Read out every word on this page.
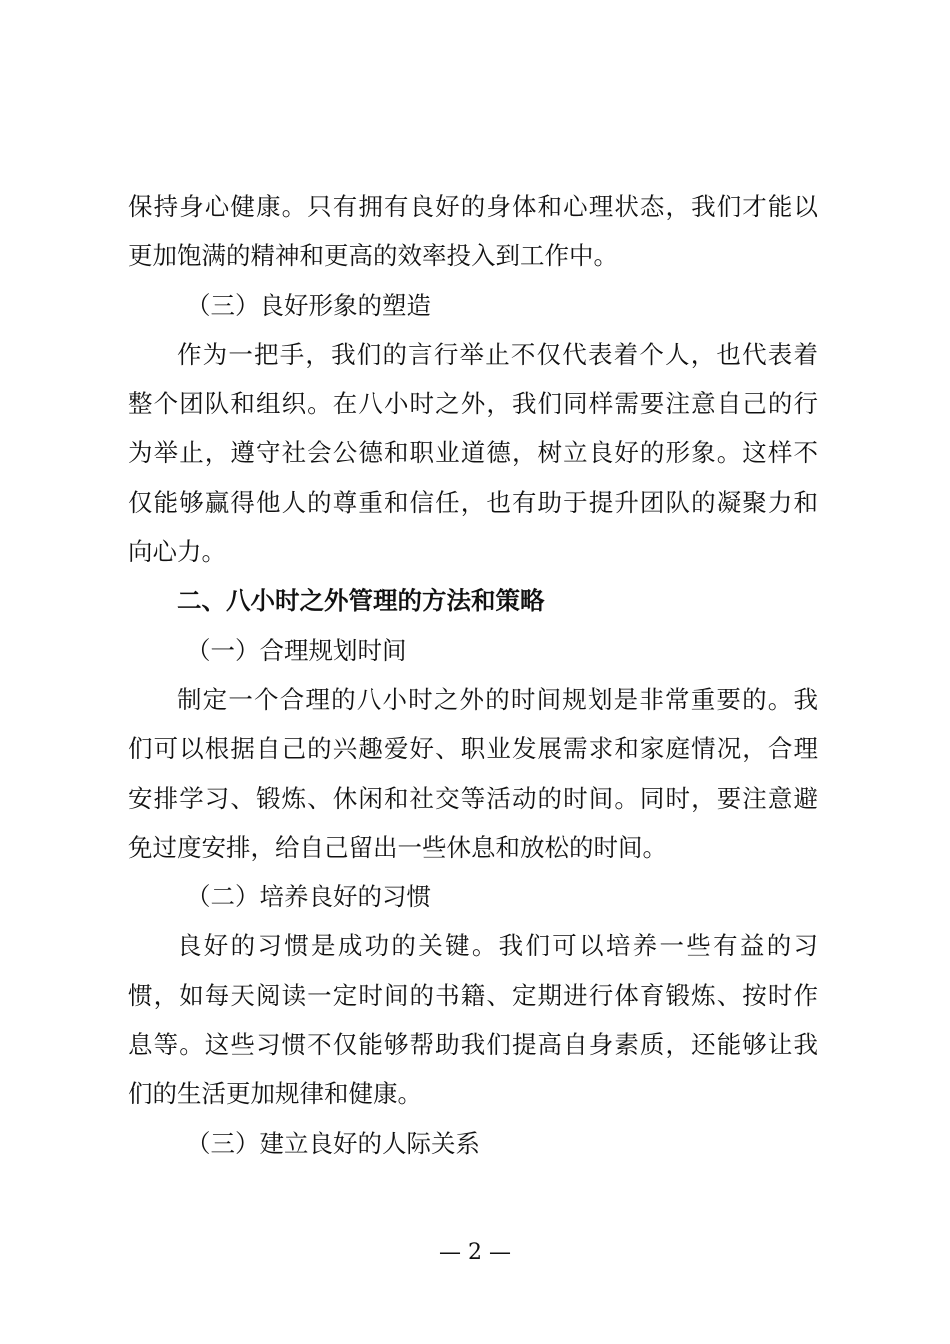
保持身心健康。只有拥有良好的身体和心理状态，我们才能以
更加饱满的精神和更高的效率投入到工作中。
（三）良好形象的塑造
作为一把手，我们的言行举止不仅代表着个人，也代表着
整个团队和组织。在八小时之外，我们同样需要注意自己的行
为举止，遵守社会公德和职业道德，树立良好的形象。这样不
仅能够赢得他人的尊重和信任，也有助于提升团队的凝聚力和
向心力。
二、八小时之外管理的方法和策略
（一）合理规划时间
制定一个合理的八小时之外的时间规划是非常重要的。我
们可以根据自己的兴趣爱好、职业发展需求和家庭情况，合理
安排学习、锻炼、休闲和社交等活动的时间。同时，要注意避
免过度安排，给自己留出一些休息和放松的时间。
（二）培养良好的习惯
良好的习惯是成功的关键。我们可以培养一些有益的习
惯，如每天阅读一定时间的书籍、定期进行体育锻炼、按时作
息等。这些习惯不仅能够帮助我们提高自身素质，还能够让我
们的生活更加规律和健康。
（三）建立良好的人际关系
— 2 —
